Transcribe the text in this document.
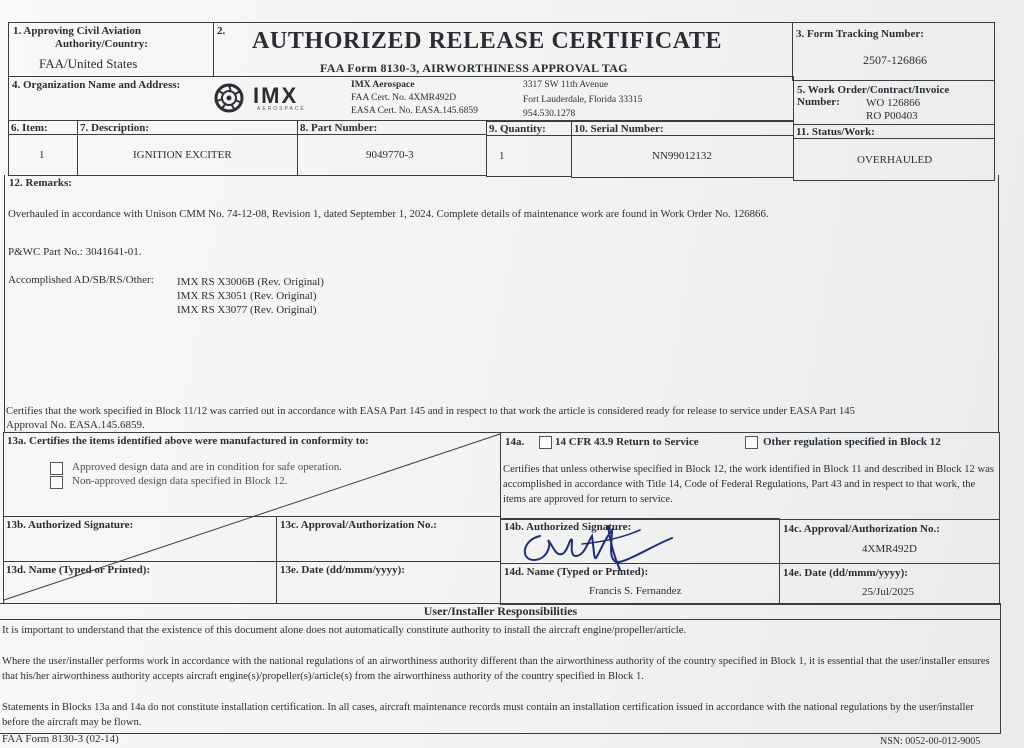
1. Approving Civil Aviation
Authority/Country:
FAA/United States
2. AUTHORIZED RELEASE CERTIFICATE
FAA Form 8130-3, AIRWORTHINESS APPROVAL TAG
3. Form Tracking Number:
2507-126866
4. Organization Name and Address:	IMX
AEROSPACE
IMX Aerospace
FAA Cert. No. 4XMR492D
EASA Cert. No. EASA.145.6859
3317 SW 11th Avenue
Fort Lauderdale, Florida 33315
954.530.1278
5. Work Order/Contract/Invoice
Number: WO 126866
RO P00403
6. Item:	7. Description:	8. Part Number:	9. Quantity:	10. Serial Number:	11. Status/Work:
1	IGNITION EXCITER	9049770-3	1	NN99012132	OVERHAULED
12. Remarks:
Overhauled in accordance with Unison CMM No. 74-12-08, Revision 1, dated September 1, 2024. Complete details of maintenance work are found in Work Order No. 126866.
P&WC Part No.: 3041641-01.
Accomplished AD/SB/RS/Other: IMX RS X3006B (Rev. Original)
IMX RS X3051 (Rev. Original)
IMX RS X3077 (Rev. Original)
Certifies that the work specified in Block 11/12 was carried out in accordance with EASA Part 145 and in respect to that work the article is considered ready for release to service under EASA Part 145
Approval No. EASA.145.6859.
13a. Certifies the items identified above were manufactured in conformity to:
Approved design data and are in condition for safe operation.
Non-approved design data specified in Block 12.
14a.	14 CFR 43.9 Return to Service	Other regulation specified in Block 12
Certifies that unless otherwise specified in Block 12, the work identified in Block 11 and described in Block 12 was accomplished in accordance with Title 14, Code of Federal Regulations, Part 43 and in respect to that work, the items are approved for return to service.
13b. Authorized Signature:	13c. Approval/Authorization No.:	14b. Authorized Signature:	14c. Approval/Authorization No.:
4XMR492D
13d. Name (Typed or Printed):	13e. Date (dd/mmm/yyyy):	14d. Name (Typed or Printed):
Francis S. Fernandez
14e. Date (dd/mmm/yyyy):
25/Jul/2025
User/Installer Responsibilities
It is important to understand that the existence of this document alone does not automatically constitute authority to install the aircraft engine/propeller/article.
Where the user/installer performs work in accordance with the national regulations of an airworthiness authority different than the airworthiness authority of the country specified in Block 1, it is essential that the user/installer ensures that his/her airworthiness authority accepts aircraft engine(s)/propeller(s)/article(s) from the airworthiness authority of the country specified in Block 1.
Statements in Blocks 13a and 14a do not constitute installation certification. In all cases, aircraft maintenance records must contain an installation certification issued in accordance with the national regulations by the user/installer before the aircraft may be flown.
FAA Form 8130-3 (02-14)	NSN: 0052-00-012-9005
